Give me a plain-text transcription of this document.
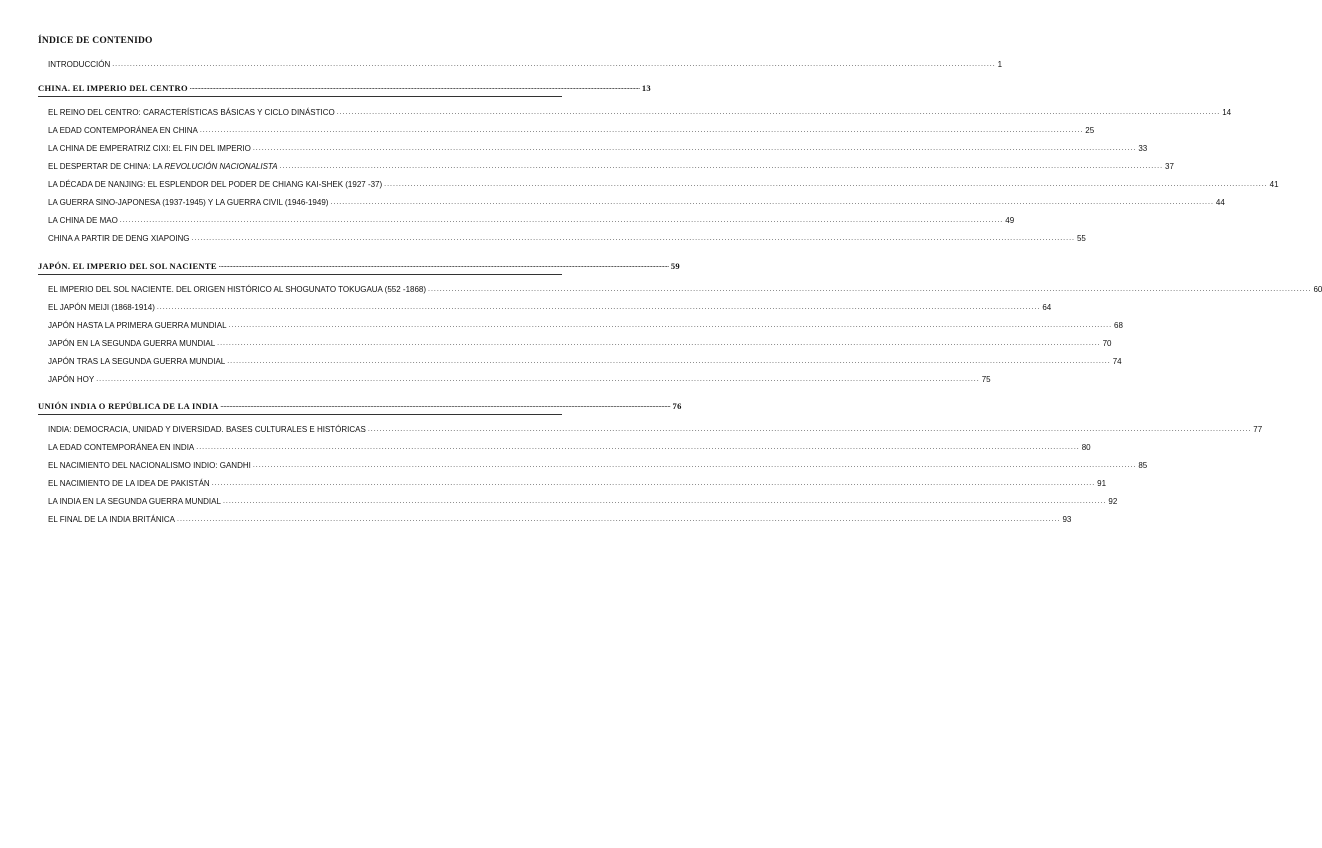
ÍNDICE DE CONTENIDO
INTRODUCCIÓN ............................................................................................................................................................................................................................................................................................................ 1
CHINA. EL IMPERIO DEL CENTRO ............................................................................................................................................................................................................................................................................................................ 13
EL REINO DEL CENTRO: CARACTERÍSTICAS BÁSICAS Y CICLO DINÁSTICO ............................................................................................................................................................................................................................................................................................................ 14
LA EDAD CONTEMPORÁNEA EN CHINA ............................................................................................................................................................................................................................................................................................................ 25
LA CHINA DE EMPERATRIZ CIXI: EL FIN DEL IMPERIO ............................................................................................................................................................................................................................................................................................................ 33
EL DESPERTAR DE CHINA: LA REVOLUCIÓN NACIONALISTA ............................................................................................................................................................................................................................................................................................................ 37
LA DÉCADA DE NANJING: EL ESPLENDOR DEL PODER DE CHIANG KAI-SHEK (1927 -37) ............................................................................................................................................................................................................................................................................................................ 41
LA GUERRA SINO-JAPONESA (1937-1945) Y LA GUERRA CIVIL (1946-1949) ............................................................................................................................................................................................................................................................................................................ 44
LA CHINA DE MAO ............................................................................................................................................................................................................................................................................................................ 49
CHINA A PARTIR DE DENG XIAPOING ............................................................................................................................................................................................................................................................................................................ 55
JAPÓN. EL IMPERIO DEL SOL NACIENTE ............................................................................................................................................................................................................................................................................................................ 59
EL IMPERIO DEL SOL NACIENTE. DEL ORIGEN HISTÓRICO AL SHOGUNATO TOKUGAUA (552 -1868) ............................................................................................................................................................................................................................................................................................................ 60
EL JAPÓN MEIJI (1868-1914) ............................................................................................................................................................................................................................................................................................................ 64
JAPÓN HASTA LA PRIMERA GUERRA MUNDIAL ............................................................................................................................................................................................................................................................................................................ 68
JAPÓN EN LA SEGUNDA GUERRA MUNDIAL ............................................................................................................................................................................................................................................................................................................ 70
JAPÓN TRAS LA SEGUNDA GUERRA MUNDIAL ............................................................................................................................................................................................................................................................................................................ 74
JAPÓN HOY ............................................................................................................................................................................................................................................................................................................ 75
UNIÓN INDIA O REPÚBLICA DE LA INDIA ............................................................................................................................................................................................................................................................................................................ 76
INDIA: DEMOCRACIA, UNIDAD Y DIVERSIDAD. BASES CULTURALES E HISTÓRICAS ............................................................................................................................................................................................................................................................................................................ 77
LA EDAD CONTEMPORÁNEA EN INDIA ............................................................................................................................................................................................................................................................................................................ 80
EL NACIMIENTO DEL NACIONALISMO INDIO: GANDHI ............................................................................................................................................................................................................................................................................................................ 85
EL NACIMIENTO DE LA IDEA DE PAKISTÁN ............................................................................................................................................................................................................................................................................................................ 91
LA INDIA EN LA SEGUNDA GUERRA MUNDIAL ............................................................................................................................................................................................................................................................................................................ 92
EL FINAL DE LA INDIA BRITÁNICA ............................................................................................................................................................................................................................................................................................................ 93
